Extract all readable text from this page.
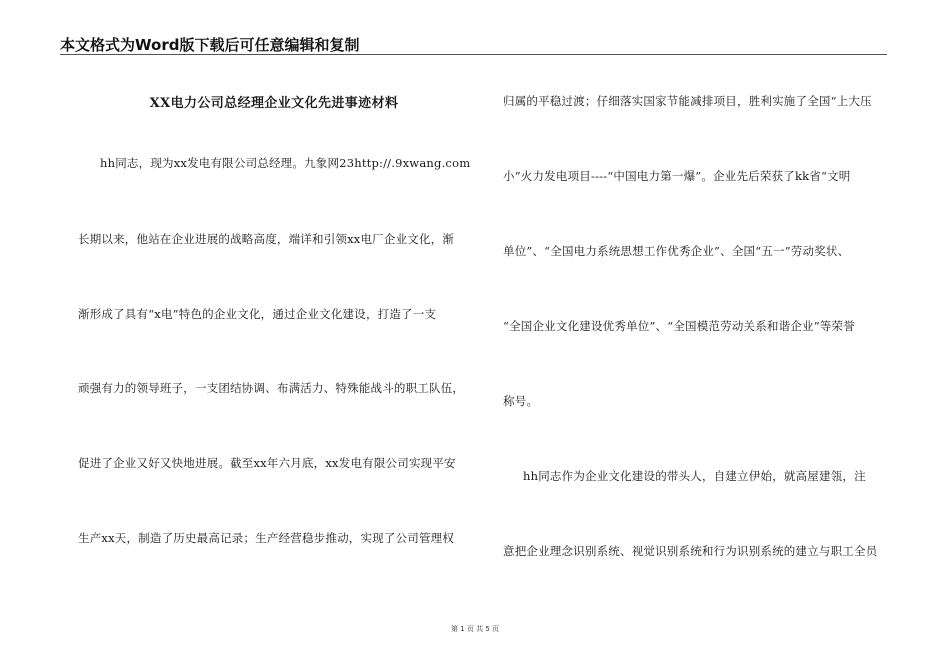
本文格式为Word版下载后可任意编辑和复制
XX电力公司总经理企业文化先进事迹材料
hh同志，现为xx发电有限公司总经理。九象网23http://.9xwang.com
长期以来，他站在企业进展的战略高度，端详和引领xx电厂企业文化，渐
渐形成了具有“x电”特色的企业文化，通过企业文化建设，打造了一支
顽强有力的领导班子，一支团结协调、布满活力、特殊能战斗的职工队伍，
促进了企业又好又快地进展。截至xx年六月底，xx发电有限公司实现平安
生产xx天，制造了历史最高记录；生产经营稳步推动，实现了公司管理权
归属的平稳过渡；仔细落实国家节能减排项目，胜利实施了全国“上大压
小”火力发电项目----“中国电力第一爆”。企业先后荣获了kk省“文明
单位”、“全国电力系统思想工作优秀企业”、全国“五一”劳动奖状、
“全国企业文化建设优秀单位”、“全国模范劳动关系和谐企业”等荣誉
称号。
hh同志作为企业文化建设的带头人，自建立伊始，就高屋建瓴，注
意把企业理念识别系统、视觉识别系统和行为识别系统的建立与职工全员
第 1 页 共 5 页
